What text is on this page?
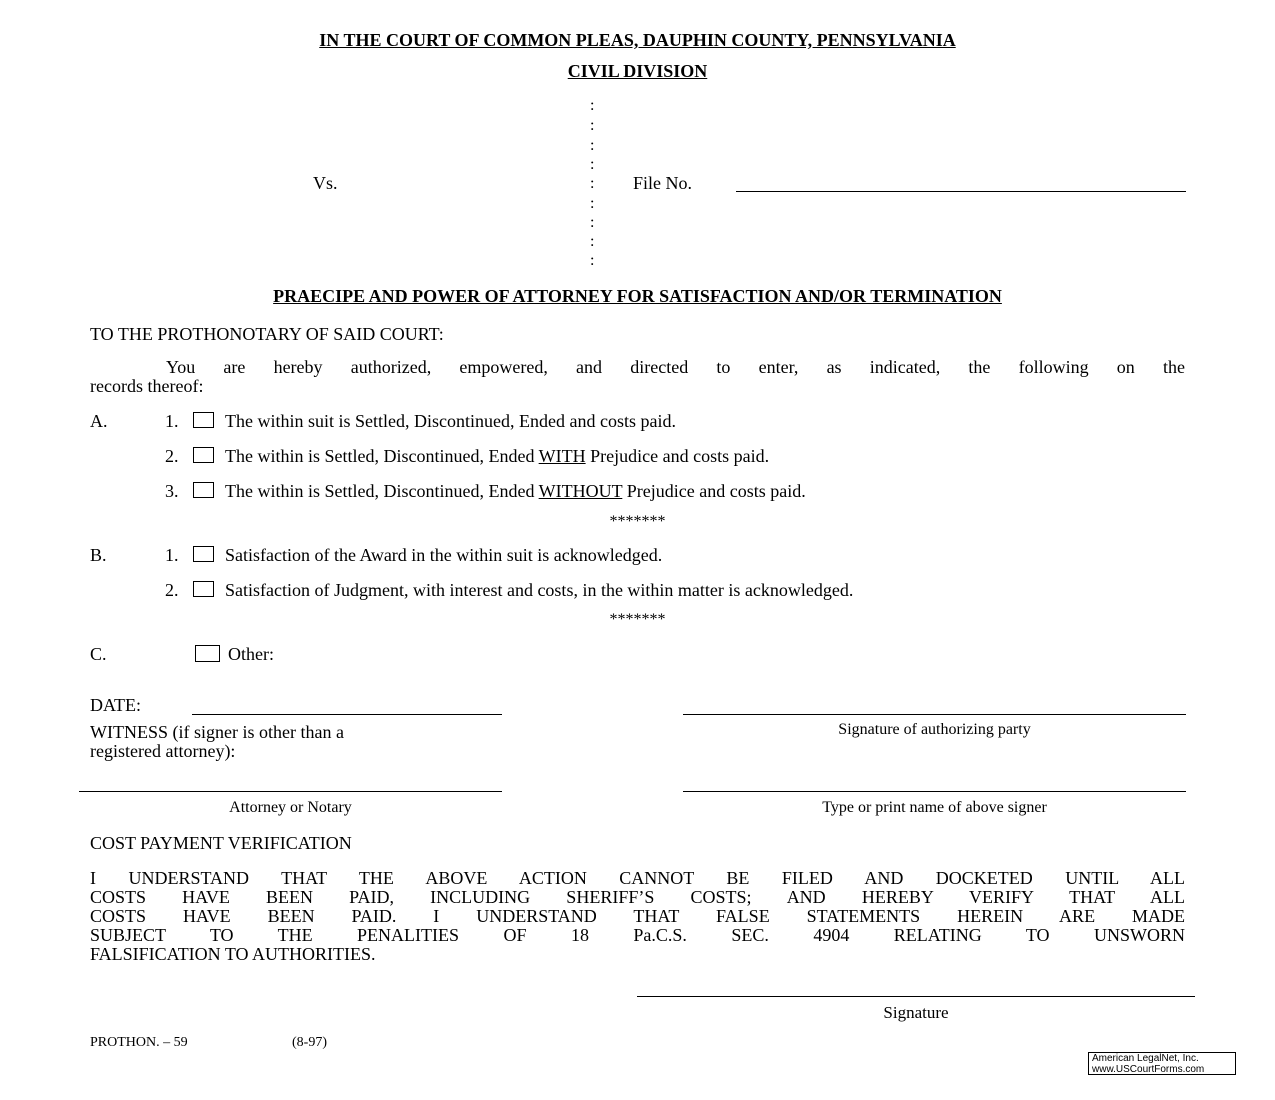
IN THE COURT OF COMMON PLEAS, DAUPHIN COUNTY, PENNSYLVANIA
CIVIL DIVISION
:
:
:
:
:
:
:
:
:
Vs.	File No.
PRAECIPE AND POWER OF ATTORNEY FOR SATISFACTION AND/OR TERMINATION
TO THE PROTHONOTARY OF SAID COURT:
You are hereby authorized, empowered, and directed to enter, as indicated, the following on the
records thereof:
A.	1.	The within suit is Settled, Discontinued, Ended and costs paid.
2.	The within is Settled, Discontinued, Ended WITH Prejudice and costs paid.
3.	The within is Settled, Discontinued, Ended WITHOUT Prejudice and costs paid.
*******
B.	1.	Satisfaction of the Award in the within suit is acknowledged.
2.	Satisfaction of Judgment, with interest and costs, in the within matter is acknowledged.
*******
C.	Other:
DATE:
Signature of authorizing party
WITNESS (if signer is other than a
registered attorney):
Attorney or Notary	Type or print name of above signer
COST PAYMENT VERIFICATION
I UNDERSTAND THAT THE ABOVE ACTION CANNOT BE FILED AND DOCKETED UNTIL ALL
COSTS HAVE BEEN PAID, INCLUDING SHERIFF’S COSTS; AND HEREBY VERIFY THAT ALL
COSTS HAVE BEEN PAID. I UNDERSTAND THAT FALSE STATEMENTS HEREIN ARE MADE
SUBJECT TO THE PENALITIES OF 18 Pa.C.S. SEC. 4904 RELATING TO UNSWORN
FALSIFICATION TO AUTHORITIES.
Signature
PROTHON. – 59	(8-97)
American LegalNet, Inc.
www.USCourtForms.com
